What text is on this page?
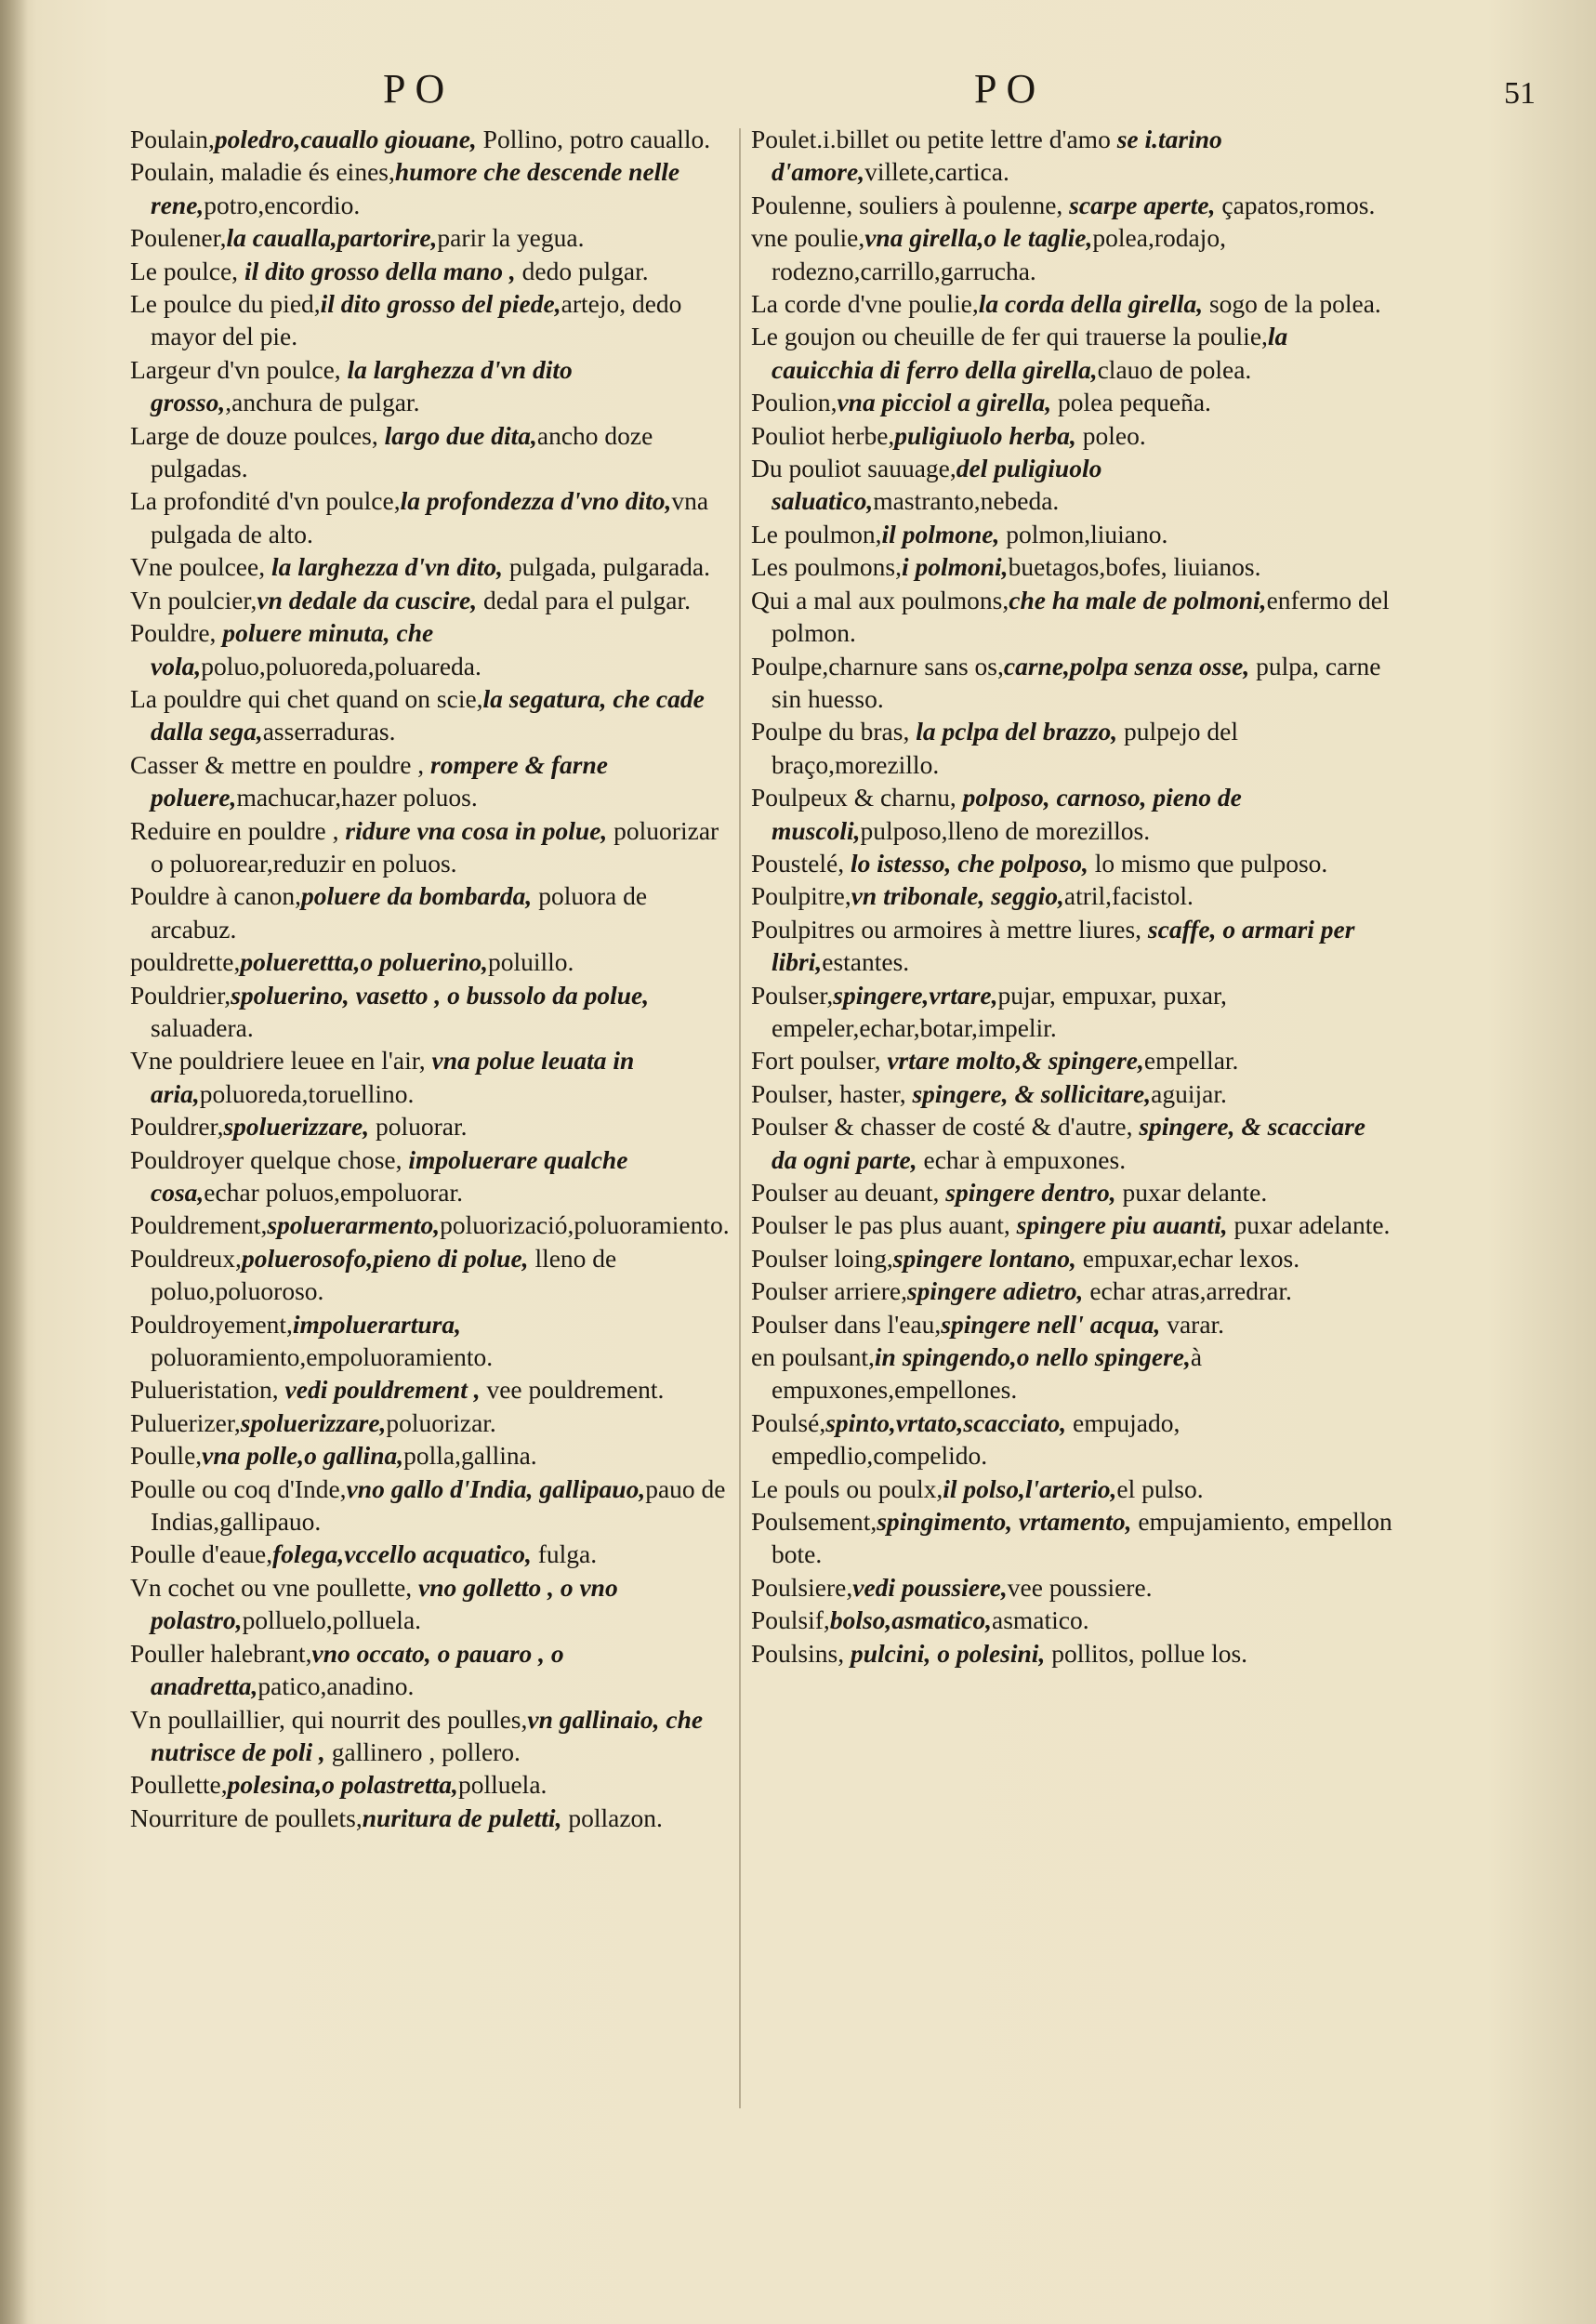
PO	PO	51

Poulain,poledro,cauallo giouane, Pollino, potro cauallo.

Poulain, maladie és eines,humore che descende nelle rene,potro,encordio.

Poulener,la caualla,partorire,parir la yegua.

Le poulce, il dito grosso della mano , dedo pulgar.

Le poulce du pied,il dito grosso del piede,artejo, dedo mayor del pie.

Largeur d'vn poulce, la larghezza d'vn dito grosso,,anchura de pulgar.

Large de douze poulces, largo due dita,ancho doze pulgadas.

La profondité d'vn poulce,la profondezza d'vno dito,vna pulgada de alto.

Vne poulcee, la larghezza d'vn dito, pulgada, pulgarada.

Vn poulcier,vn dedale da cuscire, dedal para el pulgar.

Pouldre, poluere minuta, che vola,poluo,poluoreda,poluareda.

La pouldre qui chet quand on scie,la segatura, che cade dalla sega,asserraduras.

Casser & mettre en pouldre , rompere & farne poluere,machucar,hazer poluos.

Reduire en pouldre , ridure vna cosa in polue, poluorizar o poluorear,reduzir en poluos.

Pouldre à canon,poluere da bombarda, poluora de arcabuz.

pouldrette,poluerettta,o poluerino,poluillo.

Pouldrier,spoluerino, vasetto , o bussolo da polue, saluadera.

Vne pouldriere leuee en l'air, vna polue leuata in aria,poluoreda,toruellino.

Pouldrer,spoluerizzare, poluorar.

Pouldroyer quelque chose, impoluerare qualche cosa,echar poluos,empoluorar.

Pouldrement,spoluerarmento,poluorizació,poluoramiento.

Pouldreux,poluerosofo,pieno di polue, lleno de poluo,poluoroso.

Pouldroyement,impoluerartura, poluoramiento,empoluoramiento.

Pulueristation, vedi pouldrement , vee pouldrement.

Puluerizer,spoluerizzare,poluorizar.

Poulle,vna polle,o gallina,polla,gallina.

Poulle ou coq d'Inde,vno gallo d'India, gallipauo,pauo de Indias,gallipauo.

Poulle d'eaue,folega,vccello acquatico, fulga.

Vn cochet ou vne poullette, vno golletto , o vno polastro,polluelo,polluela.

Pouller halebrant,vno occato, o pauaro , o anadretta,patico,anadino.

Vn poullaillier, qui nourrit des poulles,vn gallinaio, che nutrisce de poli , gallinero , pollero.

Poullette,polesina,o polastretta,polluela.

Nourriture de poullets,nuritura de puletti, pollazon.

Poulet.i.billet ou petite lettre d'amo se i.tarino d'amore,villete,cartica.

Poulenne, souliers à poulenne, scarpe aperte, çapatos,romos.

vne poulie,vna girella,o le taglie,polea,rodajo, rodezno,carrillo,garrucha.

La corde d'vne poulie,la corda della girella, sogo de la polea.

Le goujon ou cheuille de fer qui trauerse la poulie,la cauicchia di ferro della girella,clauo de polea.

Poulion,vna picciol a girella, polea pequeña.

Pouliot herbe,puligiuolo herba, poleo.

Du pouliot sauuage,del puligiuolo saluatico,mastranto,nebeda.

Le poulmon,il polmone, polmon,liuiano.

Les poulmons,i polmoni,buetagos,bofes, liuianos.

Qui a mal aux poulmons,che ha male de polmoni,enfermo del polmon.

Poulpe,charnure sans os,carne,polpa senza osse, pulpa, carne sin huesso.

Poulpe du bras, la pclpa del brazzo, pulpejo del braço,morezillo.

Poulpeux & charnu, polposo, carnoso, pieno de muscoli,pulposo,lleno de morezillos.

Poustelé, lo istesso, che polposo, lo mismo que pulposo.

Poulpitre,vn tribonale, seggio,atril,facistol.

Poulpitres ou armoires à mettre liures, scaffe, o armari per libri,estantes.

Poulser,spingere,vrtare,pujar, empuxar, puxar, empeler,echar,botar,impelir.

Fort poulser, vrtare molto,& spingere,empellar.

Poulser, haster, spingere, & sollicitare,aguijar.

Poulser & chasser de costé & d'autre, spingere, & scacciare da ogni parte, echar à empuxones.

Poulser au deuant, spingere dentro, puxar delante.

Poulser le pas plus auant, spingere piu auanti, puxar adelante.

Poulser loing,spingere lontano, empuxar,echar lexos.

Poulser arriere,spingere adietro, echar atras,arredrar.

Poulser dans l'eau,spingere nell' acqua, varar.

en poulsant,in spingendo,o nello spingere,à empuxones,empellones.

Poulsé,spinto,vrtato,scacciato, empujado, empedlio,compelido.

Le pouls ou poulx,il polso,l'arterio,el pulso.

Poulsement,spingimento, vrtamento, empujamiento, empellon bote.

Poulsiere,vedi poussiere,vee poussiere.

Poulsif,bolso,asmatico,asmatico.

Poulsins, pulcini, o polesini, pollitos, pollue los.
